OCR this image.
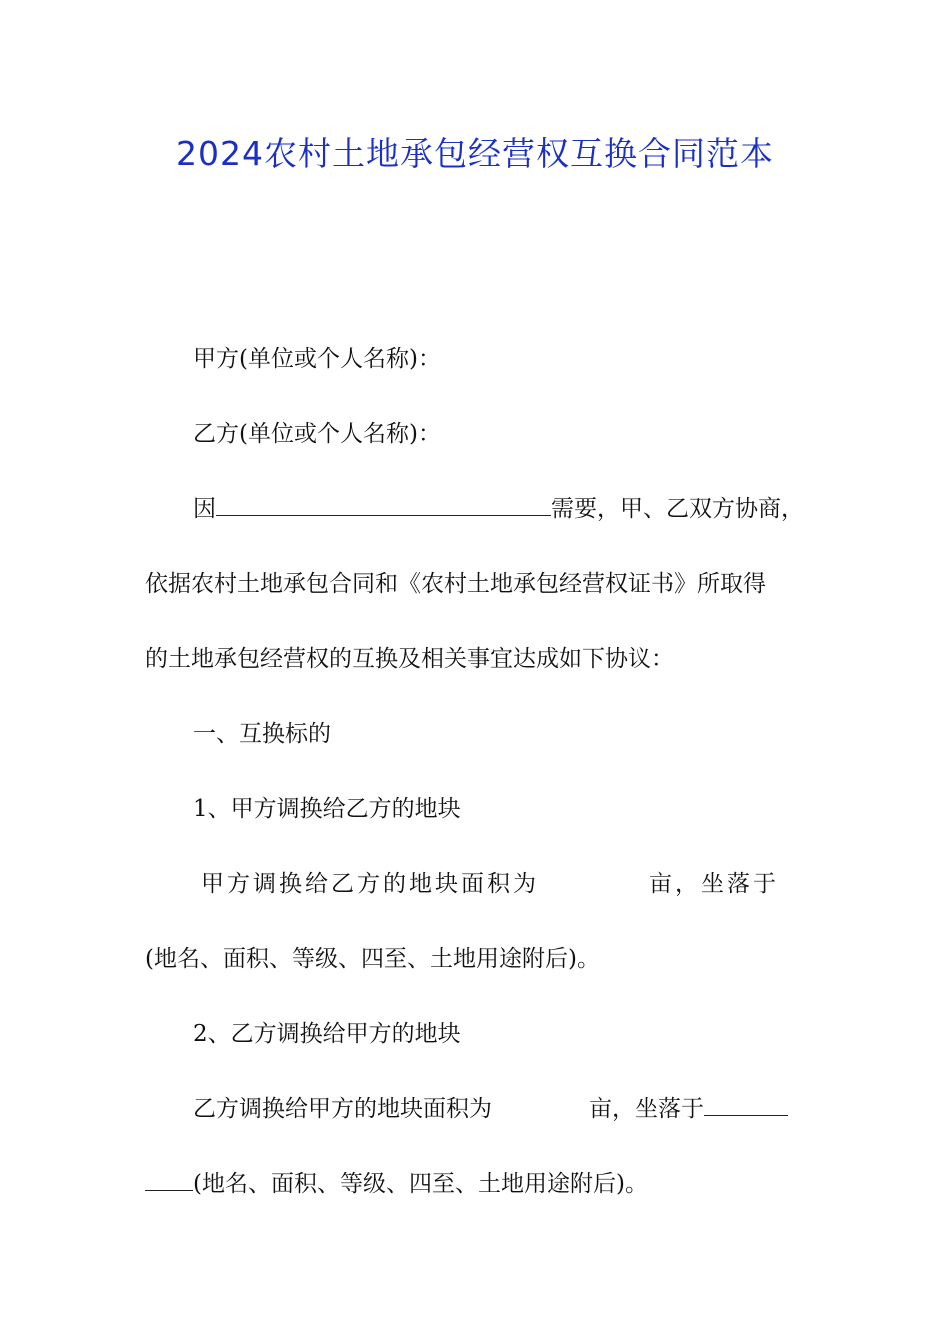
2024农村土地承包经营权互换合同范本
甲方(单位或个人名称)：
乙方(单位或个人名称)：
因	需要，甲、乙双方协商，
依据农村土地承包合同和《农村土地承包经营权证书》所取得
的土地承包经营权的互换及相关事宜达成如下协议：
一、互换标的
1、甲方调换给乙方的地块
甲方调换给乙方的地块面积为	亩，坐落于
(地名、面积、等级、四至、土地用途附后)。
2、乙方调换给甲方的地块
乙方调换给甲方的地块面积为	亩，坐落于
(地名、面积、等级、四至、土地用途附后)。
